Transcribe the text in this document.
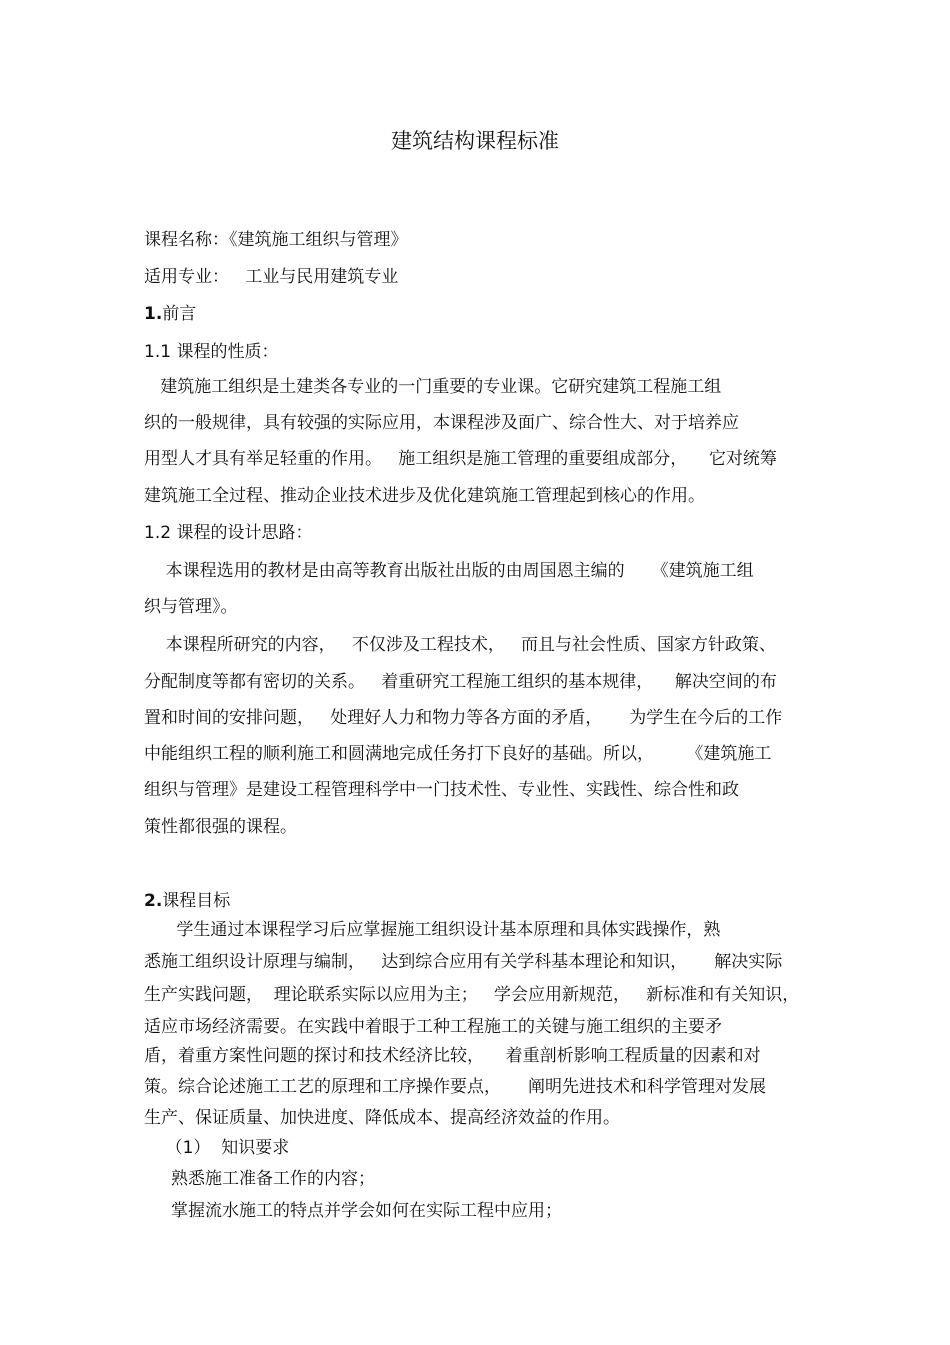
建筑结构课程标准
课程名称：《建筑施工组织与管理》
适用专业：   工业与民用建筑专业
1.前言
1.1 课程的性质：
建筑施工组织是土建类各专业的一门重要的专业课。它研究建筑工程施工组
织的一般规律，具有较强的实际应用，本课程涉及面广、综合性大、对于培养应
用型人才具有举足轻重的作用。   施工组织是施工管理的重要组成部分，    它对统筹
建筑施工全过程、推动企业技术进步及优化建筑施工管理起到核心的作用。
1.2 课程的设计思路：
本课程选用的教材是由高等教育出版社出版的由周国恩主编的     《建筑施工组
织与管理》。
本课程所研究的内容，   不仅涉及工程技术，   而且与社会性质、国家方针政策、
分配制度等都有密切的关系。   着重研究工程施工组织的基本规律，    解决空间的布
置和时间的安排问题，   处理好人力和物力等各方面的矛盾，     为学生在今后的工作
中能组织工程的顺利施工和圆满地完成任务打下良好的基础。所以，      《建筑施工
组织与管理》是建设工程管理科学中一门技术性、专业性、实践性、综合性和政
策性都很强的课程。
2.课程目标
学生通过本课程学习后应掌握施工组织设计基本原理和具体实践操作，熟
悉施工组织设计原理与编制，   达到综合应用有关学科基本理论和知识，     解决实际
生产实践问题，  理论联系实际以应用为主；   学会应用新规范，   新标准和有关知识，
适应市场经济需要。在实践中着眼于工种工程施工的关键与施工组织的主要矛
盾，着重方案性问题的探讨和技术经济比较，    着重剖析影响工程质量的因素和对
策。综合论述施工工艺的原理和工序操作要点，     阐明先进技术和科学管理对发展
生产、保证质量、加快进度、降低成本、提高经济效益的作用。
（1）  知识要求
熟悉施工准备工作的内容；
掌握流水施工的特点并学会如何在实际工程中应用；
